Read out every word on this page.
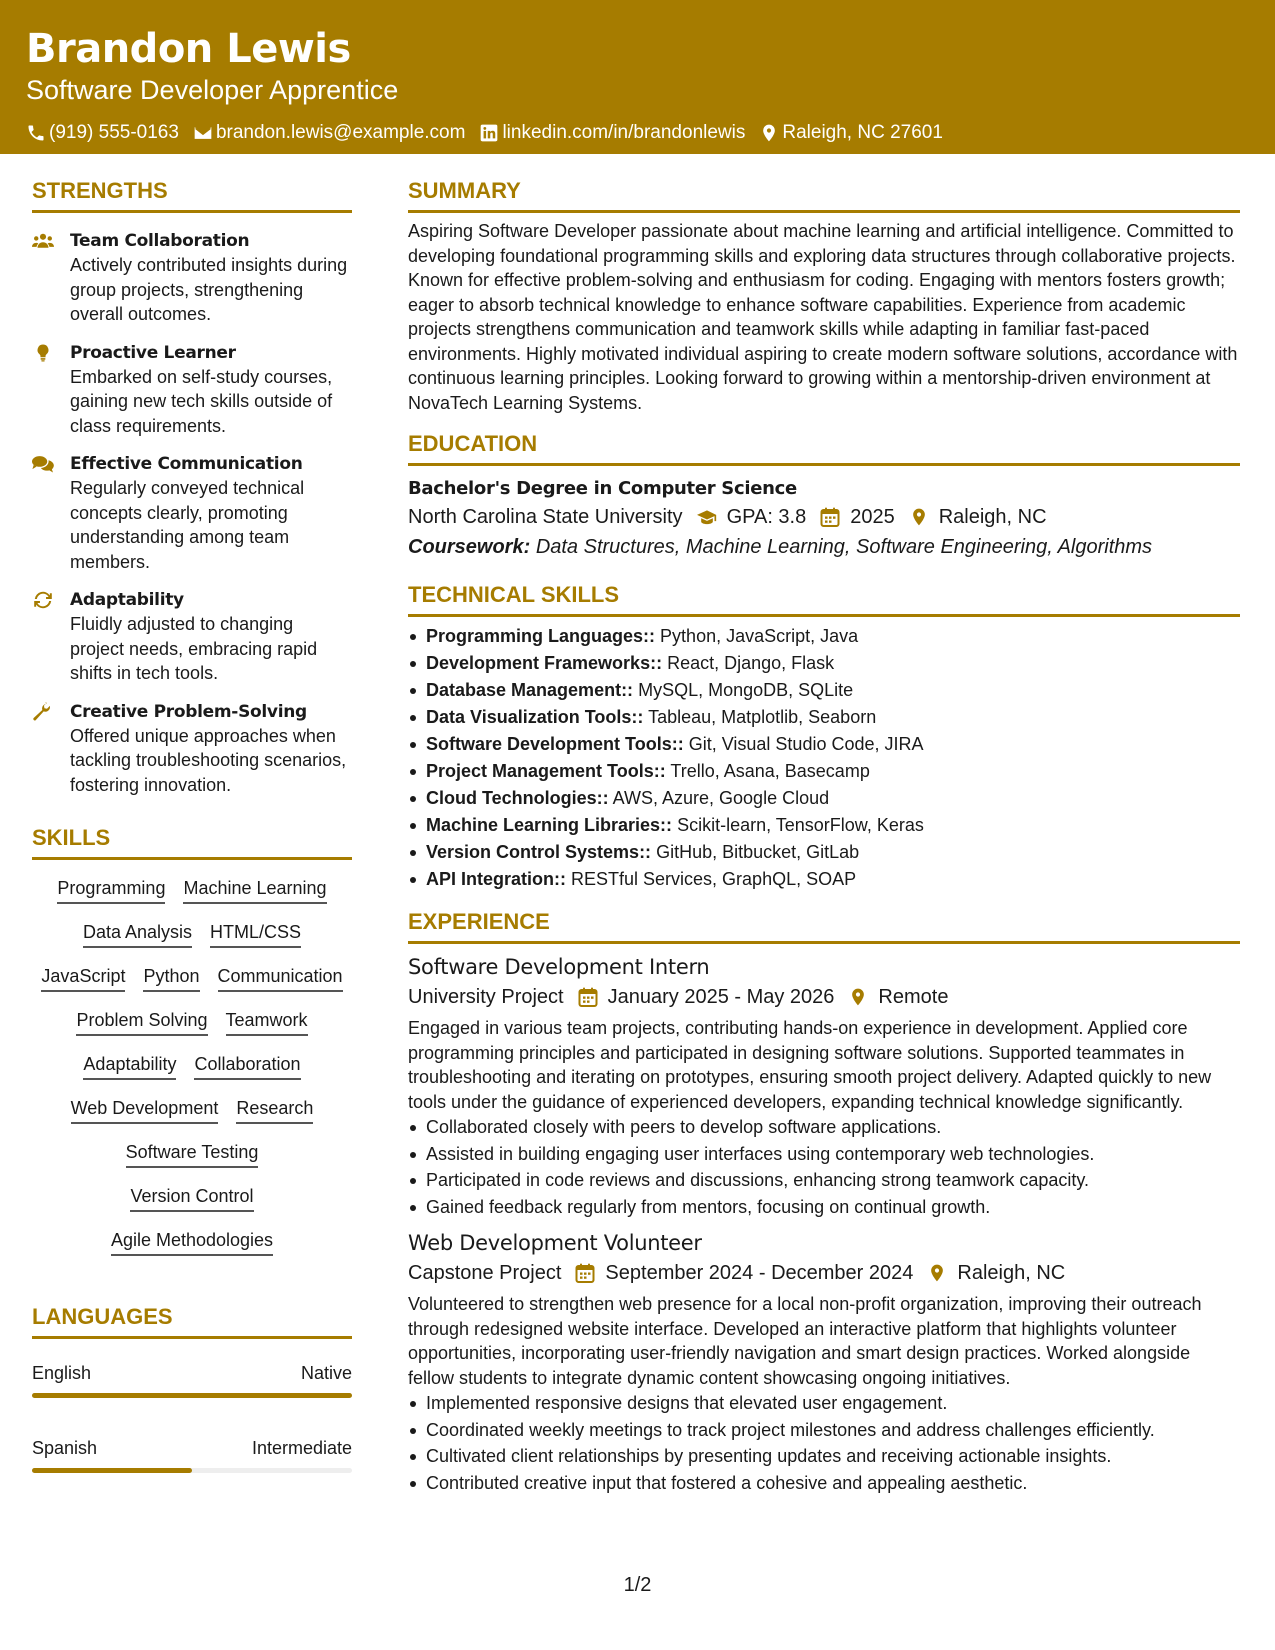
Brandon Lewis
Software Developer Apprentice
(919) 555-0163 brandon.lewis@example.com linkedin.com/in/brandonlewis Raleigh, NC 27601
STRENGTHS
Team Collaboration
Actively contributed insights during group projects, strengthening overall outcomes.
Proactive Learner
Embarked on self-study courses, gaining new tech skills outside of class requirements.
Effective Communication
Regularly conveyed technical concepts clearly, promoting understanding among team members.
Adaptability
Fluidly adjusted to changing project needs, embracing rapid shifts in tech tools.
Creative Problem-Solving
Offered unique approaches when tackling troubleshooting scenarios, fostering innovation.
SKILLS
Programming Machine Learning
Data Analysis HTML/CSS
JavaScript Python Communication
Problem Solving Teamwork
Adaptability Collaboration
Web Development Research
Software Testing
Version Control
Agile Methodologies
LANGUAGES
English	Native
Spanish	Intermediate
SUMMARY
Aspiring Software Developer passionate about machine learning and artificial intelligence. Committed to developing foundational programming skills and exploring data structures through collaborative projects. Known for effective problem-solving and enthusiasm for coding. Engaging with mentors fosters growth; eager to absorb technical knowledge to enhance software capabilities. Experience from academic projects strengthens communication and teamwork skills while adapting in familiar fast-paced environments. Highly motivated individual aspiring to create modern software solutions, accordance with continuous learning principles. Looking forward to growing within a mentorship-driven environment at NovaTech Learning Systems.
EDUCATION
Bachelor's Degree in Computer Science
North Carolina State University GPA: 3.8 2025 Raleigh, NC
Coursework: Data Structures, Machine Learning, Software Engineering, Algorithms
TECHNICAL SKILLS
Programming Languages:: Python, JavaScript, Java
Development Frameworks:: React, Django, Flask
Database Management:: MySQL, MongoDB, SQLite
Data Visualization Tools:: Tableau, Matplotlib, Seaborn
Software Development Tools:: Git, Visual Studio Code, JIRA
Project Management Tools:: Trello, Asana, Basecamp
Cloud Technologies:: AWS, Azure, Google Cloud
Machine Learning Libraries:: Scikit-learn, TensorFlow, Keras
Version Control Systems:: GitHub, Bitbucket, GitLab
API Integration:: RESTful Services, GraphQL, SOAP
EXPERIENCE
Software Development Intern
University Project January 2025 - May 2026 Remote
Engaged in various team projects, contributing hands-on experience in development. Applied core programming principles and participated in designing software solutions. Supported teammates in troubleshooting and iterating on prototypes, ensuring smooth project delivery. Adapted quickly to new tools under the guidance of experienced developers, expanding technical knowledge significantly.
Collaborated closely with peers to develop software applications.
Assisted in building engaging user interfaces using contemporary web technologies.
Participated in code reviews and discussions, enhancing strong teamwork capacity.
Gained feedback regularly from mentors, focusing on continual growth.
Web Development Volunteer
Capstone Project September 2024 - December 2024 Raleigh, NC
Volunteered to strengthen web presence for a local non-profit organization, improving their outreach through redesigned website interface. Developed an interactive platform that highlights volunteer opportunities, incorporating user-friendly navigation and smart design practices. Worked alongside fellow students to integrate dynamic content showcasing ongoing initiatives.
Implemented responsive designs that elevated user engagement.
Coordinated weekly meetings to track project milestones and address challenges efficiently.
Cultivated client relationships by presenting updates and receiving actionable insights.
Contributed creative input that fostered a cohesive and appealing aesthetic.
1/2
